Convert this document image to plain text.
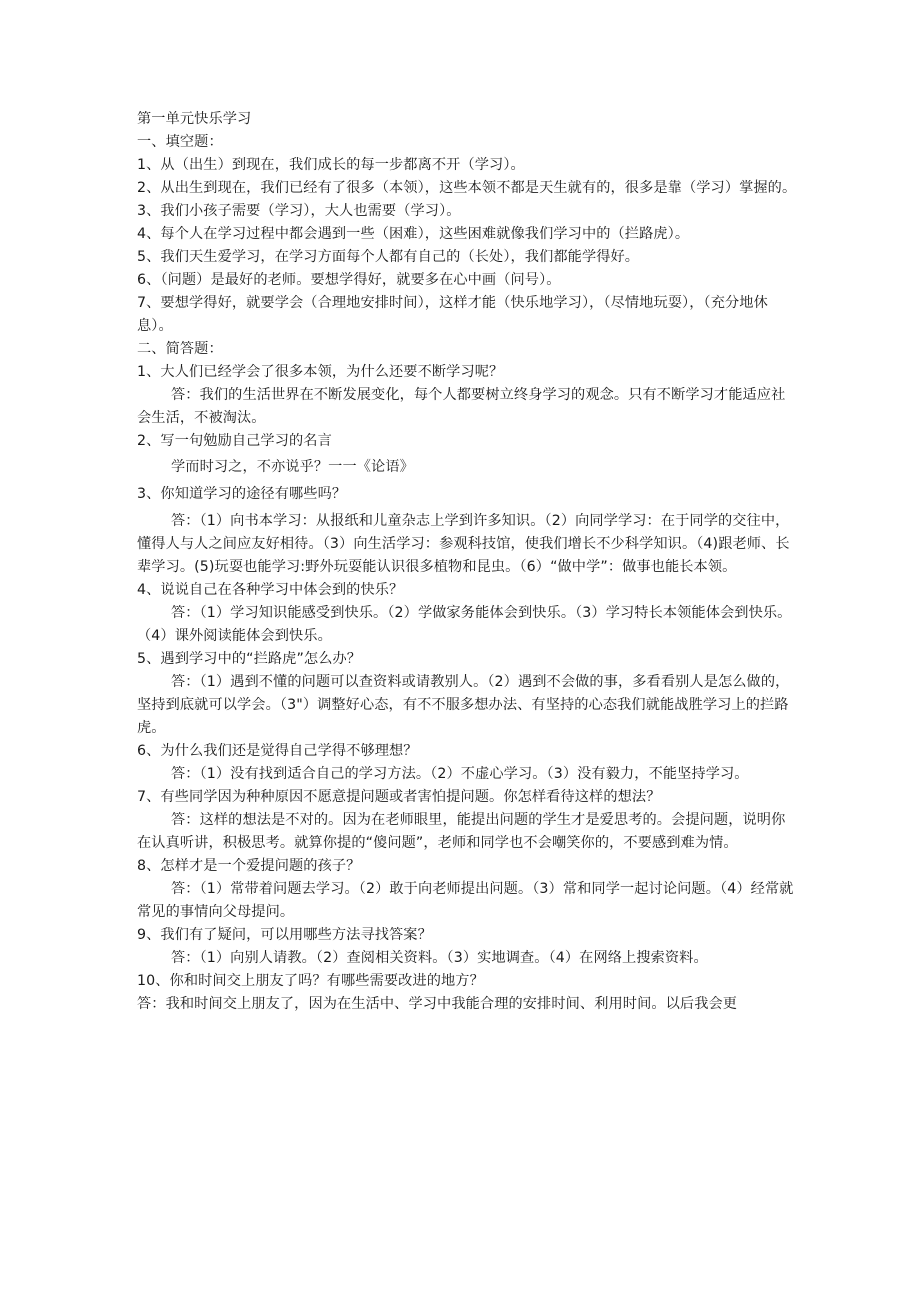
第一单元快乐学习

一、填空题：

1、从（出生）到现在，我们成长的每一步都离不开（学习）。

2、从出生到现在，我们已经有了很多（本领），这些本领不都是天生就有的，很多是靠（学习）掌握的。

3、我们小孩子需要（学习），大人也需要（学习）。

4、每个人在学习过程中都会遇到一些（困难），这些困难就像我们学习中的（拦路虎）。

5、我们天生爱学习，在学习方面每个人都有自己的（长处），我们都能学得好。

6、（问题）是最好的老师。要想学得好，就要多在心中画（问号）。

7、要想学得好，就要学会（合理地安排时间），这样才能（快乐地学习），（尽情地玩耍），（充分地休息）。

二、简答题：

1、大人们已经学会了很多本领，为什么还要不断学习呢？

答：我们的生活世界在不断发展变化，每个人都要树立终身学习的观念。只有不断学习才能适应社会生活，不被淘汰。

2、写一句勉励自己学习的名言

学而时习之，不亦说乎？一一《论语》

3、你知道学习的途径有哪些吗？

答：（1）向书本学习：从报纸和儿童杂志上学到许多知识。（2）向同学学习：在于同学的交往中，懂得人与人之间应友好相待。（3）向生活学习：参观科技馆，使我们增长不少科学知识。（4)跟老师、长辈学习。(5)玩耍也能学习:野外玩耍能认识很多植物和昆虫。（6）“做中学”：做事也能长本领。

4、说说自己在各种学习中体会到的快乐？

答：（1）学习知识能感受到快乐。（2）学做家务能体会到快乐。（3）学习特长本领能体会到快乐。（4）课外阅读能体会到快乐。

5、遇到学习中的“拦路虎”怎么办？

答：（1）遇到不懂的问题可以查资料或请教别人。（2）遇到不会做的事，多看看别人是怎么做的，坚持到底就可以学会。（3"）调整好心态，有不不服多想办法、有坚持的心态我们就能战胜学习上的拦路虎。

6、为什么我们还是觉得自己学得不够理想？

答：（1）没有找到适合自己的学习方法。（2）不虚心学习。（3）没有毅力，不能坚持学习。

7、有些同学因为种种原因不愿意提问题或者害怕提问题。你怎样看待这样的想法？

答：这样的想法是不对的。因为在老师眼里，能提出问题的学生才是爱思考的。会提问题，说明你在认真听讲，积极思考。就算你提的“傻问题”，老师和同学也不会嘲笑你的，不要感到难为情。

8、怎样才是一个爱提问题的孩子？

答：（1）常带着问题去学习。（2）敢于向老师提出问题。（3）常和同学一起讨论问题。（4）经常就常见的事情向父母提问。

9、我们有了疑问，可以用哪些方法寻找答案？

答：（1）向别人请教。（2）查阅相关资料。（3）实地调查。（4）在网络上搜索资料。

10、你和时间交上朋友了吗？有哪些需要改进的地方？

答：我和时间交上朋友了，因为在生活中、学习中我能合理的安排时间、利用时间。以后我会更
